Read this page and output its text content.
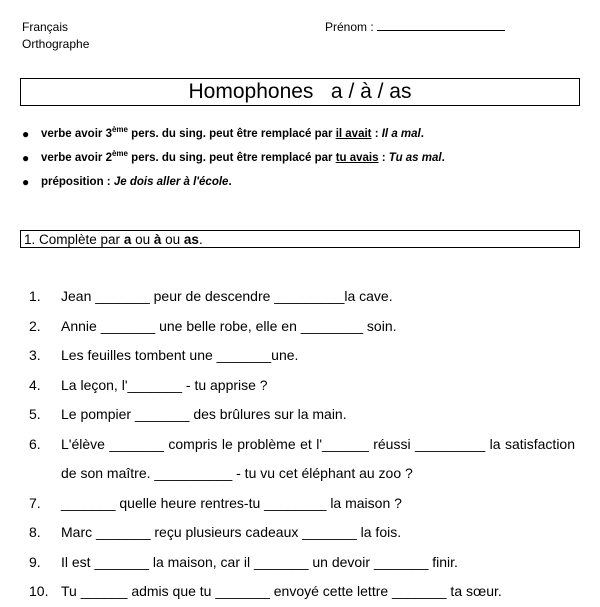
Français
Orthographe
Prénom :
Homophones   a / à / as
● verbe avoir 3ème pers. du sing. peut être remplacé par il avait : Il a mal.
● verbe avoir 2ème pers. du sing. peut être remplacé par tu avais : Tu as mal.
● préposition : Je dois aller à l'école.
1. Complète par a ou à ou as.
1. Jean _______ peur de descendre _________la cave.
2. Annie _______ une belle robe, elle en ________ soin.
3. Les feuilles tombent une _______une.
4. La leçon, l'_______ - tu apprise ?
5. Le pompier _______ des brûlures sur la main.
6. L'élève _______ compris le problème et l'______ réussi _________ la satisfaction de son maître. __________ - tu vu cet éléphant au zoo ?
7. _______ quelle heure rentres-tu ________ la maison ?
8. Marc _______ reçu plusieurs cadeaux _______ la fois.
9. Il est _______ la maison, car il _______ un devoir _______ finir.
10. Tu ______ admis que tu _______ envoyé cette lettre _______ ta sœur.
